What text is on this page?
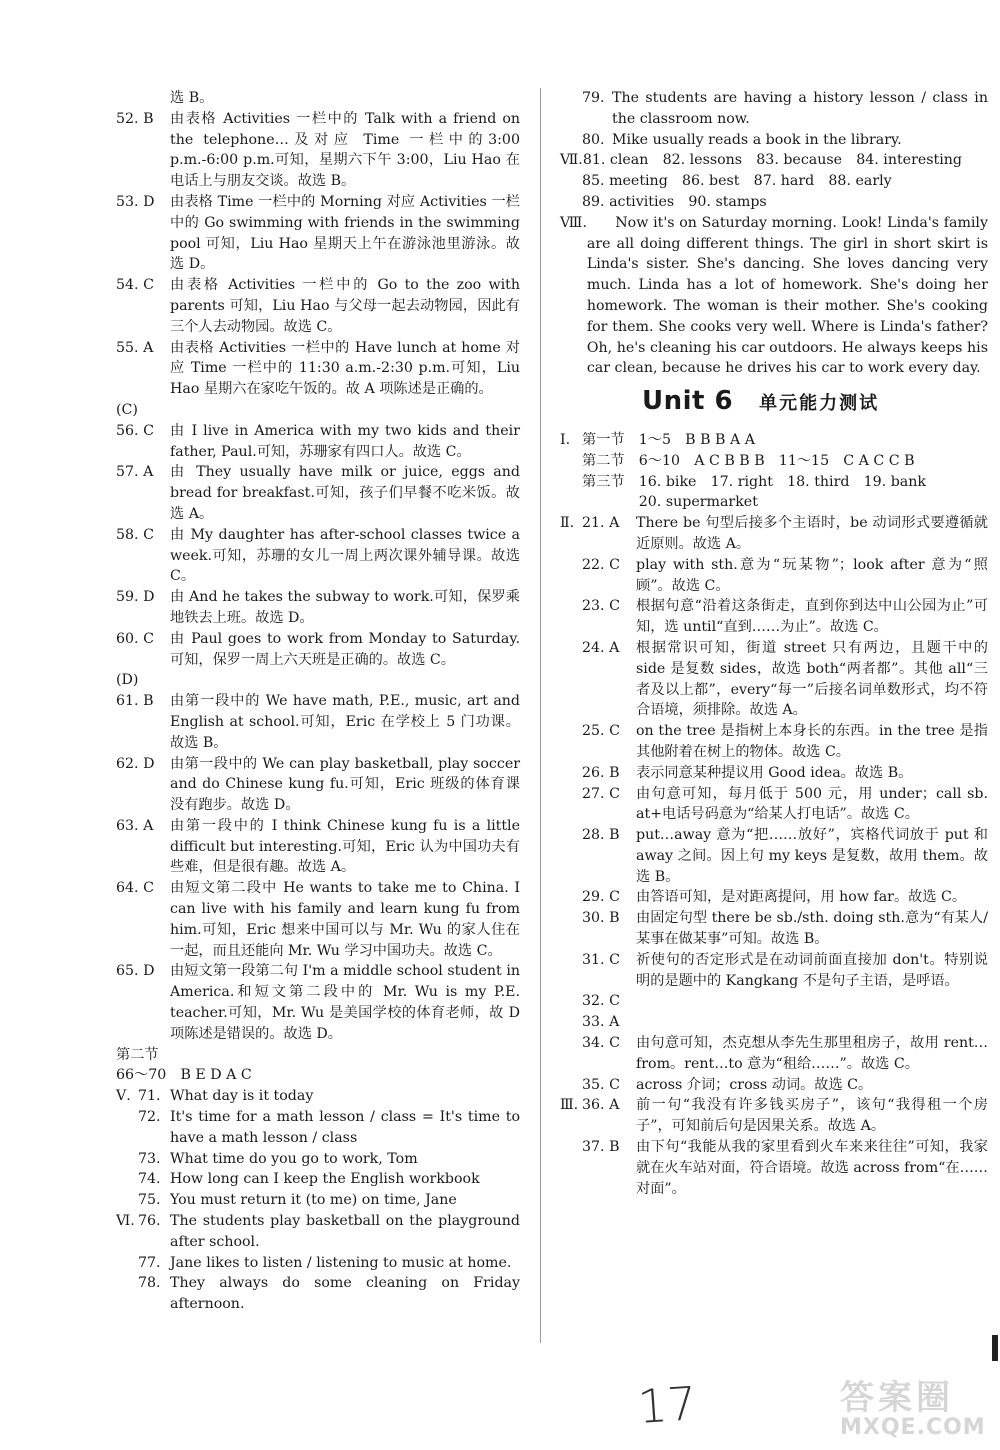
选 B。
52. B	由表格 Activities 一栏中的 Talk with a friend on the telephone…及对应 Time 一栏中的3:00 p.m.-6:00 p.m.可知，星期六下午 3:00，Liu Hao 在电话上与朋友交谈。故选 B。
53. D	由表格 Time 一栏中的 Morning 对应 Activities 一栏中的 Go swimming with friends in the swimming pool 可知，Liu Hao 星期天上午在游泳池里游泳。故选 D。
54. C	由表格 Activities 一栏中的 Go to the zoo with parents 可知，Liu Hao 与父母一起去动物园，因此有三个人去动物园。故选 C。
55. A	由表格 Activities 一栏中的 Have lunch at home 对应 Time 一栏中的 11:30 a.m.-2:30 p.m.可知，Liu Hao 星期六在家吃午饭的。故 A 项陈述是正确的。
(C)
56. C	由 I live in America with my two kids and their father, Paul.可知，苏珊家有四口人。故选 C。
57. A	由 They usually have milk or juice, eggs and bread for breakfast.可知，孩子们早餐不吃米饭。故选 A。
58. C	由 My daughter has after-school classes twice a week.可知，苏珊的女儿一周上两次课外辅导课。故选 C。
59. D	由 And he takes the subway to work.可知，保罗乘地铁去上班。故选 D。
60. C	由 Paul goes to work from Monday to Saturday.可知，保罗一周上六天班是正确的。故选 C。
(D)
61. B	由第一段中的 We have math, P.E., music, art and English at school.可知，Eric 在学校上 5 门功课。故选 B。
62. D	由第一段中的 We can play basketball, play soccer and do Chinese kung fu.可知，Eric 班级的体育课没有跑步。故选 D。
63. A	由第一段中的 I think Chinese kung fu is a little difficult but interesting.可知，Eric 认为中国功夫有些难，但是很有趣。故选 A。
64. C	由短文第二段中 He wants to take me to China. I can live with his family and learn kung fu from him.可知，Eric 想来中国可以与 Mr. Wu 的家人住在一起，而且还能向 Mr. Wu 学习中国功夫。故选 C。
65. D	由短文第一段第二句 I'm a middle school student in America.和短文第二段中的 Mr. Wu is my P.E. teacher.可知，Mr. Wu 是美国学校的体育老师，故 D 项陈述是错误的。故选 D。
第二节
66～70　B E D A C
Ⅴ. 71. What day is it today
72. It's time for a math lesson / class = It's time to have a math lesson / class
73. What time do you go to work, Tom
74. How long can I keep the English workbook
75. You must return it (to me) on time, Jane
Ⅵ. 76. The students play basketball on the playground after school.
77. Jane likes to listen / listening to music at home.
78. They always do some cleaning on Friday afternoon.
79. The students are having a history lesson / class in the classroom now.
80. Mike usually reads a book in the library.
Ⅶ. 81. clean　82. lessons　83. because　84. interesting
85. meeting　86. best　87. hard　88. early
89. activities　90. stamps
Ⅷ.	Now it's on Saturday morning. Look! Linda's family are all doing different things. The girl in short skirt is Linda's sister. She's dancing. She loves dancing very much. Linda has a lot of homework. She's doing her homework. The woman is their mother. She's cooking for them. She cooks very well. Where is Linda's father? Oh, he's cleaning his car outdoors. He always keeps his car clean, because he drives his car to work every day.
Unit 6 单元能力测试
Ⅰ. 第一节　1～5　B B B A A
第二节　6～10　A C B B B　11～15　C A C C B
第三节　16. bike　17. right　18. third　19. bank
　　　　20. supermarket
Ⅱ. 21. A	There be 句型后接多个主语时，be 动词形式要遵循就近原则。故选 A。
22. C	play with sth.意为“玩某物”；look after 意为“照顾”。故选 C。
23. C	根据句意“沿着这条街走，直到你到达中山公园为止”可知，选 until“直到……为止”。故选 C。
24. A	根据常识可知，街道 street 只有两边，且题干中的 side 是复数 sides，故选 both“两者都”。其他 all“三者及以上都”，every“每一”后接名词单数形式，均不符合语境，须排除。故选 A。
25. C	on the tree 是指树上本身长的东西。in the tree 是指其他附着在树上的物体。故选 C。
26. B	表示同意某种提议用 Good idea。故选 B。
27. C	由句意可知，每月低于 500 元，用 under；call sb. at+电话号码意为“给某人打电话”。故选 C。
28. B	put…away 意为“把……放好”，宾格代词放于 put 和 away 之间。因上句 my keys 是复数，故用 them。故选 B。
29. C	由答语可知，是对距离提问，用 how far。故选 C。
30. B	由固定句型 there be sb./sth. doing sth.意为“有某人/某事在做某事”可知。故选 B。
31. C	祈使句的否定形式是在动词前面直接加 don't。特别说明的是题中的 Kangkang 不是句子主语，是呼语。
32. C
33. A
34. C	由句意可知，杰克想从李先生那里租房子，故用 rent…from。rent…to 意为“租给……”。故选 C。
35. C	across 介词；cross 动词。故选 C。
Ⅲ. 36. A	前一句“我没有许多钱买房子”，该句“我得租一个房子”，可知前后句是因果关系。故选 A。
37. B	由下句“我能从我的家里看到火车来来往往”可知，我家就在火车站对面，符合语境。故选 across from“在……对面”。
17	答案圈
MXQE.COM
